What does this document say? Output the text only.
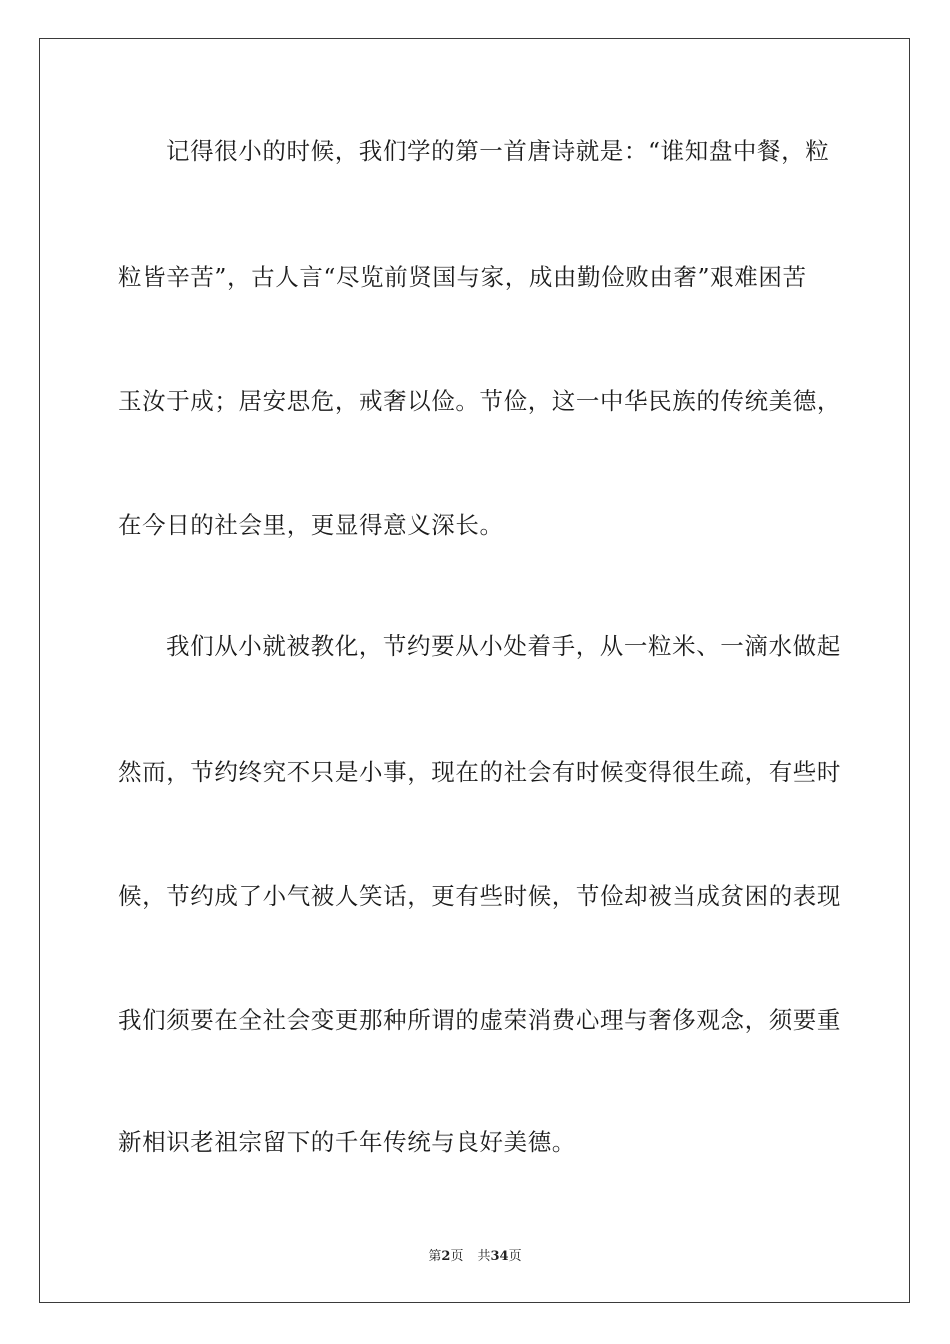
记得很小的时候，我们学的第一首唐诗就是：“谁知盘中餐，粒
粒皆辛苦”，古人言“尽览前贤国与家，成由勤俭败由奢”艰难困苦
玉汝于成；居安思危，戒奢以俭。节俭，这一中华民族的传统美德，
在今日的社会里，更显得意义深长。
我们从小就被教化，节约要从小处着手，从一粒米、一滴水做起
然而，节约终究不只是小事，现在的社会有时候变得很生疏，有些时
候，节约成了小气被人笑话，更有些时候，节俭却被当成贫困的表现
我们须要在全社会变更那种所谓的虚荣消费心理与奢侈观念，须要重
新相识老祖宗留下的千年传统与良好美德。
第2页 共34页
